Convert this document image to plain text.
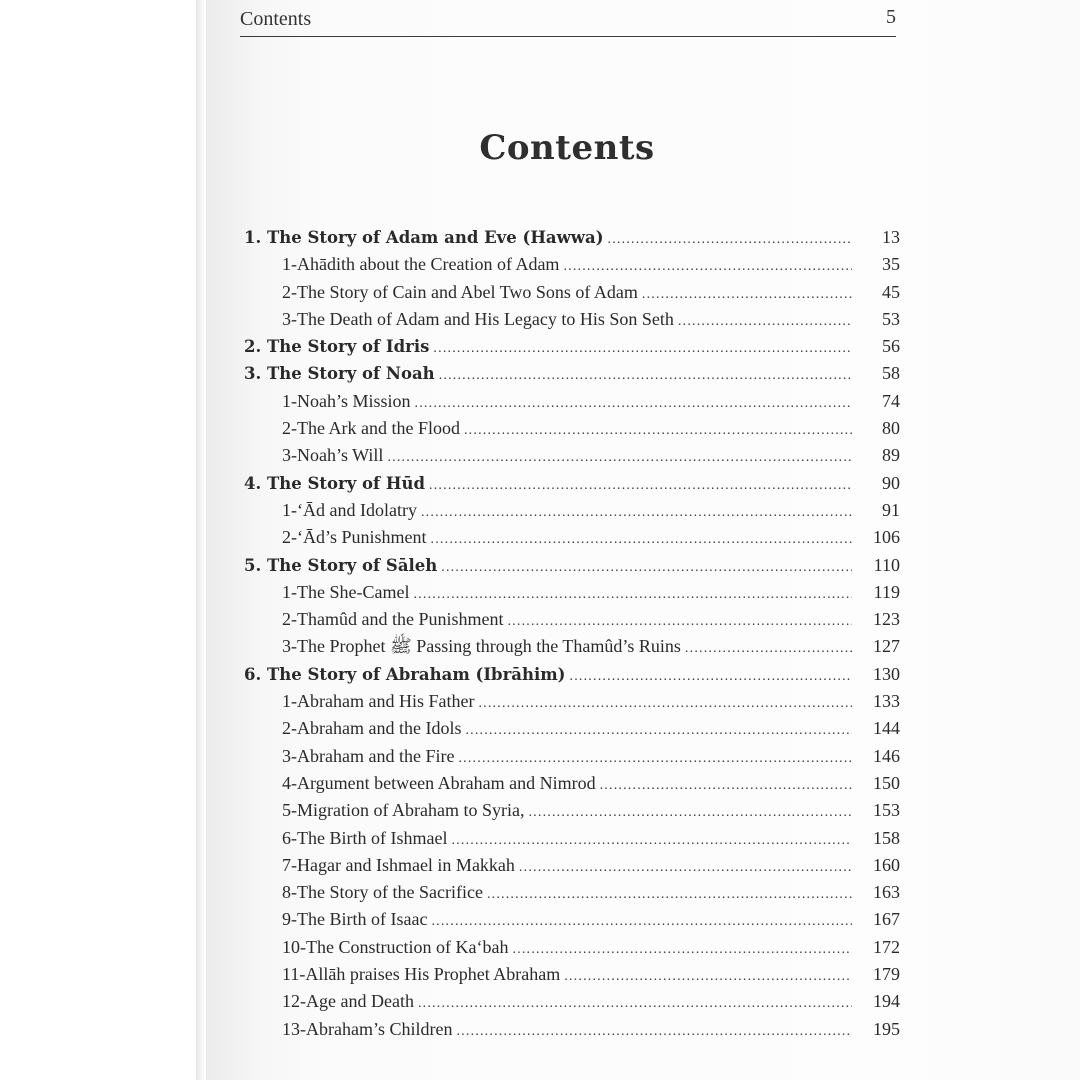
Contents	5
Contents
1. The Story of Adam and Eve (Hawwa) .....	13
1-Ahādith about the Creation of Adam .....	35
2-The Story of Cain and Abel Two Sons of Adam .....	45
3-The Death of Adam and His Legacy to His Son Seth .....	53
2. The Story of Idris .....	56
3. The Story of Noah .....	58
1-Noah’s Mission .....	74
2-The Ark and the Flood .....	80
3-Noah’s Will .....	89
4. The Story of Hūd .....	90
1-‘Ād and Idolatry .....	91
2-‘Ād’s Punishment .....	106
5. The Story of Sāleh .....	110
1-The She-Camel .....	119
2-Thamûd and the Punishment .....	123
3-The Prophet ﷺ Passing through the Thamûd’s Ruins .....	127
6. The Story of Abraham (Ibrāhim) .....	130
1-Abraham and His Father .....	133
2-Abraham and the Idols .....	144
3-Abraham and the Fire .....	146
4-Argument between Abraham and Nimrod .....	150
5-Migration of Abraham to Syria, .....	153
6-The Birth of Ishmael .....	158
7-Hagar and Ishmael in Makkah .....	160
8-The Story of the Sacrifice .....	163
9-The Birth of Isaac .....	167
10-The Construction of Ka‘bah .....	172
11-Allāh praises His Prophet Abraham .....	179
12-Age and Death .....	194
13-Abraham’s Children .....	195
